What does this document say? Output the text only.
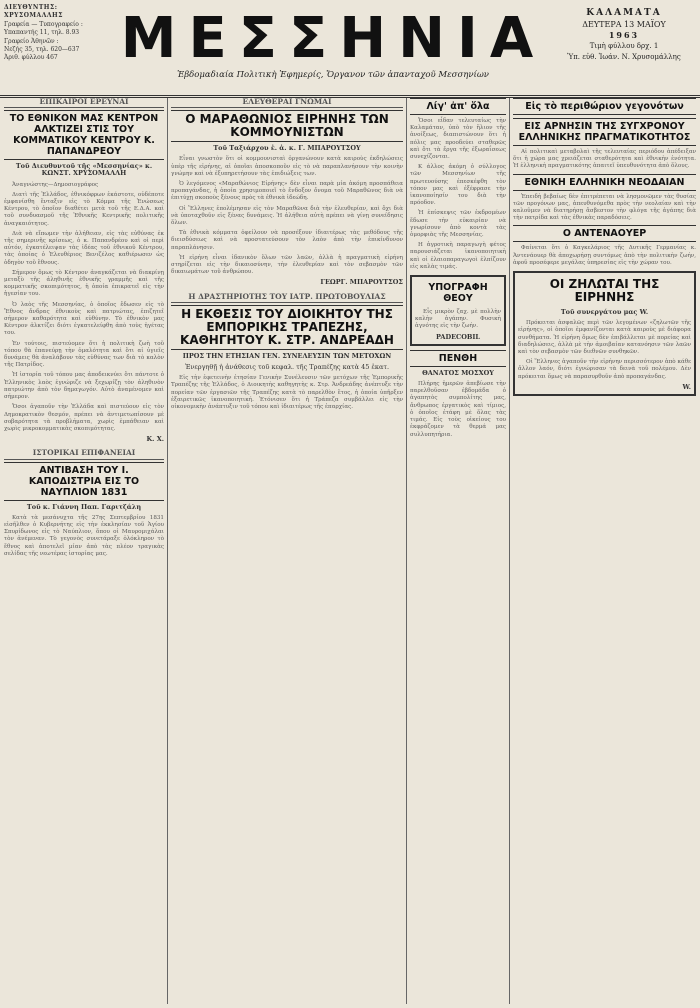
ΔΙΕΥΘΥΝΤΗΣ:
ΧΡΥΣΟΜΑΛΛΗΣ
Γραφεία — Τυπογραφείο :
Υπαπαντής 11, τηλ. 8.93
Γραφείο Ἀθηνῶν :
Νεζής 35, τηλ. 620—637
Ἀριθ. φύλλου 467	ΜΕΣΣΗΝΙΑ
Ἑβδομαδιαία Πολιτικὴ Ἐφημερίς, Ὄργανον τῶν ἀπανταχοῦ Μεσσηνίων
ΚΑΛΑΜΑΤΑ
ΔΕΥΤΕΡΑ 13 ΜΑΪΟΥ
1963
Τιμὴ φύλλου δρχ. 1
Ὑπ. εὐθ. Ἰωάν. Ν. Χρυσομάλλης
ΕΠΙΚΑΙΡΟΙ ΕΡΕΥΝΑΙ
ΤΟ ΕΘΝΙΚΟΝ ΜΑΣ ΚΕΝΤΡΟΝ ΑΛΚΤΙΖΕΙ ΣΤΙΣ ΤΟΥ ΚΟΜΜΑΤΙΚΟΥ ΚΕΝΤΡΟΥ Κ. ΠΑΠΑΝΔΡΕΟΥ
Τοῦ Διευθυντοῦ τῆς «Μεσσηνίας» κ. ΚΩΝΣΤ. ΧΡΥΣΟΜΑΛΛΗ

Ἀναγνώστης—Δημοσιογράφος

Διατὶ τῆς Ἑλλάδος, ἐθνικόφρων ἐκάστοτε, οὐδέποτε ἐμφανίσθη ἔνταξιν εἰς τὸ Κόμμα τῆς Ἑνώσεως Κέντρου, τὸ ὁποῖον διαθέτει μετὰ τοῦ τῆς Ε.Δ.Α. καὶ τοῦ συνδυασμοῦ τῆς Ἐθνικῆς Κεντρικῆς πολιτικῆς ἀναγκαιότητος.

Διὰ νὰ εἴπωμεν τὴν ἀλήθειαν, εἰς τὰς εὐθύνας ἐκ τῆς σημερινῆς κρίσεως, ὁ κ. Παπανδρέου καὶ οἱ περὶ αὐτόν, ἐγκατέλειψαν τὰς ἰδέας τοῦ ἐθνικοῦ Κέντρου, τὰς ὁποίας ὁ Ἐλευθέριος Βενιζέλος καθιέρωσεν ὡς ὁδηγὸν τοῦ ἔθνους.

Σήμερον ὅμως τὸ Κέντρον ἀναγκάζεται νὰ διακρίνῃ μεταξὺ τῆς ἀληθινῆς ἐθνικῆς γραμμῆς καὶ τῆς κομματικῆς σκοπιμότητος, ἡ ὁποία ἐπικρατεῖ εἰς τὴν ἡγεσίαν του.

Ὁ λαὸς τῆς Μεσσηνίας, ὁ ὁποῖος ἔδωσεν εἰς τὸ Ἔθνος ἄνδρας ἐθνικοὺς καὶ πατριώτας, ἐπιζητεῖ σήμερον καθαρότητα καὶ εὐθύνην. Τὸ ἐθνικὸν μας Κέντρον ἀλκτίζει διότι ἐγκατελείφθη ἀπὸ τοὺς ἡγέτας του.

Ἐν τούτοις, πιστεύομεν ὅτι ἡ πολιτικὴ ζωὴ τοῦ τόπου θὰ ἐπανεύρῃ τὴν ὁμαλότητα καὶ ὅτι αἱ ὑγιεῖς δυνάμεις θὰ ἀναλάβουν τὰς εὐθύνας των διὰ τὸ καλὸν τῆς Πατρίδος.

Ἡ ἱστορία τοῦ τόπου μας ἀποδεικνύει ὅτι πάντοτε ὁ Ἑλληνικὸς λαὸς ἐγνώριζε νὰ ξεχωρίζῃ τὸν ἀληθινὸν πατριώτην ἀπὸ τὸν δημαγωγόν. Αὐτὸ ἀναμένομεν καὶ σήμερον.

Ὅσοι ἀγαποῦν τὴν Ἑλλάδα καὶ πιστεύουν εἰς τὸν Δημοκρατικὸν θεσμόν, πρέπει νὰ ἀντιμετωπίσουν μὲ σοβαρότητα τὰ προβλήματα, χωρὶς ἐμπάθειαν καὶ χωρὶς μικροκομματικὰς σκοπιμότητας.

Κ. Χ.
ΙΣΤΟΡΙΚΑΙ ΕΠΙΦΑΝΕΙΑΙ
ΑΝΤΙΒΑΣΗ ΤΟΥ Ι. ΚΑΠΟΔΙΣΤΡΙΑ ΕΙΣ ΤΟ ΝΑΥΠΛΙΟΝ 1831
Τοῦ κ. Γιάννη Παπ. Γαριτζάλη

Κατὰ τὰ μεσάνυχτα τῆς 27ης Σεπτεμβρίου 1831 εἰσῆλθεν ὁ Κυβερνήτης εἰς τὴν ἐκκλησίαν τοῦ Ἁγίου Σπυρίδωνος εἰς τὸ Ναύπλιον, ὅπου οἱ Μαυρομιχάλαι τὸν ἀνέμεναν. Τὸ γεγονὸς συνετάραξε ὁλόκληρον τὸ ἔθνος καὶ ἀποτελεῖ μίαν ἀπὸ τὰς πλέον τραγικὰς σελίδας τῆς νεωτέρας ἱστορίας μας.

ΕΛΕΥΘΕΡΑΙ ΓΝΩΜΑΙ
Ο ΜΑΡΑΘΩΝΙΟΣ ΕΙΡΗΝΗΣ ΤΩΝ ΚΟΜΜΟΥΝΙΣΤΩΝ
Τοῦ Ταξιάρχου ἐ. ἀ. κ. Γ. ΜΠΑΡΟΥΤΣΟΥ

Εἶναι γνωστὸν ὅτι οἱ κομμουνισταὶ ὀργανώνουν κατὰ καιροὺς ἐκδηλώσεις ὑπὲρ τῆς εἰρήνης, αἱ ὁποῖαι ἀποσκοποῦν εἰς τὸ νὰ παραπλανήσουν τὴν κοινὴν γνώμην καὶ νὰ ἐξυπηρετήσουν τὰς ἐπιδιώξεις των.

Ὁ λεγόμενος «Μαραθώνιος Εἰρήνης» δὲν εἶναι παρὰ μία ἀκόμη προσπάθεια προπαγάνδας, ἡ ὁποία χρησιμοποιεῖ τὸ ἔνδοξον ὄνομα τοῦ Μαραθῶνος διὰ νὰ ἐπιτύχῃ σκοποὺς ξένους πρὸς τὰ ἐθνικὰ ἰδεώδη.

Οἱ Ἕλληνες ἐπολέμησαν εἰς τὸν Μαραθῶνα διὰ τὴν ἐλευθερίαν, καὶ ὄχι διὰ νὰ ὑποταχθοῦν εἰς ξένας δυνάμεις. Ἡ ἀλήθεια αὐτὴ πρέπει νὰ γίνῃ συνείδησις ὅλων.

Τὰ ἐθνικὰ κόμματα ὀφείλουν νὰ προσέξουν ἰδιαιτέρως τὰς μεθόδους τῆς διεισδύσεως καὶ νὰ προστατεύσουν τὸν λαὸν ἀπὸ τὴν ἐπικίνδυνον παραπλάνησιν.

Ἡ εἰρήνη εἶναι ἰδανικὸν ὅλων τῶν λαῶν, ἀλλὰ ἡ πραγματικὴ εἰρήνη στηρίζεται εἰς τὴν δικαιοσύνην, τὴν ἐλευθερίαν καὶ τὸν σεβασμὸν τῶν δικαιωμάτων τοῦ ἀνθρώπου.

ΓΕΩΡΓ. ΜΠΑΡΟΥΤΣΟΣ
Η ΔΡΑΣΤΗΡΙΟΤΗΣ ΤΟΥ ΙΑΤΡ. ΠΡΩΤΟΒΟΥΛΙΑΣ
Η ΕΚΘΕΣΙΣ ΤΟΥ ΔΙΟΙΚΗΤΟΥ ΤΗΣ ΕΜΠΟΡΙΚΗΣ ΤΡΑΠΕΖΗΣ, ΚΑΘΗΓΗΤΟΥ Κ. ΣΤΡ. ΑΝΔΡΕΑΔΗ
ΠΡΟΣ ΤΗΝ ΕΤΗΣΙΑΝ ΓΕΝ. ΣΥΝΕΛΕΥΣΙΝ ΤΩΝ ΜΕΤΟΧΩΝ
Ἐνεργηθῇ ἡ ἀνάθεσις τοῦ κεφαλ. τῆς Τραπέζης κατὰ 45 ἑκατ.

Εἰς τὴν ἐφετεινὴν ἐτησίαν Γενικὴν Συνέλευσιν τῶν μετόχων τῆς Ἐμπορικῆς Τραπέζης τῆς Ἑλλάδος, ὁ Διοικητὴς καθηγητὴς κ. Στρ. Ἀνδρεάδης ἀνέπτυξε τὴν πορείαν τῶν ἐργασιῶν τῆς Τραπέζης κατὰ τὸ παρελθὸν ἔτος, ἡ ὁποία ὑπῆρξεν ἐξαιρετικῶς ἱκανοποιητική. Ἐτόνισεν ὅτι ἡ Τράπεζα συμβάλλει εἰς τὴν οἰκονομικὴν ἀνάπτυξιν τοῦ τόπου καὶ ἰδιαιτέρως τῆς ἐπαρχίας.

Λίγ' ἀπ' ὅλα

Ὅσοι εἶδαν τελευταίως τὴν Καλαμάταν, ὑπὸ τὸν ἥλιον τῆς ἀνοίξεως, διαπιστώνουν ὅτι ἡ πόλις μας προοδεύει σταθερῶς καὶ ὅτι τὰ ἔργα τῆς ἐξωραΐσεως συνεχίζονται.

Κ άλλος ἀκόμη ὁ σύλλογος τῶν Μεσσηνίων τῆς πρωτευούσης ἐπεσκέφθη τὸν τόπον μας καὶ ἐξέφρασε τὴν ἱκανοποίησίν του διὰ τὴν πρόοδον.

Ἡ ἐπίσκεψις τῶν ἐκδρομέων ἔδωσε τὴν εὐκαιρίαν νὰ γνωρίσουν ἀπὸ κοντὰ τὰς ὀμορφιὰς τῆς Μεσσηνίας.

Η ἀγροτικὴ παραγωγὴ φέτος παρουσιάζεται ἱκανοποιητικὴ καὶ οἱ ἐλαιοπαραγωγοὶ ἐλπίζουν εἰς καλὰς τιμάς.

ΥΠΟΓΡΑΦΗ ΘΕΟΥ

Εἷς μικρὸν ζαχ. μὲ πολλὴν καλὴν ἀγάπην. Φυσικὴ ἁγνότης εἰς τὴν ζωήν.

PADECOBIL
ΠΕΝΘΗ
ΘΑΝΑΤΟΣ ΜΟΣΧΟΥ

Πλήρης ἡμερῶν ἀπεβίωσε τὴν παρελθοῦσαν ἑβδομάδα ὁ ἀγαπητὸς συμπολίτης μας, ἄνθρωπος ἐργατικὸς καὶ τίμιος, ὁ ὁποῖος ἐτάφη μὲ ὅλας τὰς τιμάς. Εἰς τοὺς οἰκείους του ἐκφράζομεν τὰ θερμά μας συλλυπητήρια.

Εἰς τὸ περιθώριον γεγονότων
ΕΙΣ ΑΡΝΗΣΙΝ ΤΗΣ ΣΥΓΧΡΟΝΟΥ ΕΛΛΗΝΙΚΗΣ ΠΡΑΓΜΑΤΙΚΟΤΗΤΟΣ

Αἱ πολιτικαὶ μεταβολαὶ τῆς τελευταίας περιόδου ἀπέδειξαν ὅτι ἡ χώρα μας χρειάζεται σταθερότητα καὶ ἐθνικὴν ἑνότητα. Ἡ ἑλληνικὴ πραγματικότης ἀπαιτεῖ ὑπευθυνότητα ἀπὸ ὅλους.

ΕΘΝΙΚΗ ΕΛΛΗΝΙΚΗ ΝΕΟΔΑΙΑΝ

Ἐπειδὴ βεβαίως δὲν ἐπιτρέπεται νὰ λησμονῶμεν τὰς θυσίας τῶν προγόνων μας, ἀπευθυνόμεθα πρὸς τὴν νεολαίαν καὶ τὴν καλοῦμεν νὰ διατηρήσῃ ἄσβεστον τὴν φλόγα τῆς ἀγάπης διὰ τὴν πατρίδα καὶ τὰς ἐθνικὰς παραδόσεις.

Ο ΑΝΤΕΝΑΟΥΕΡ

Φαίνεται ὅτι ὁ Καγκελάριος τῆς Δυτικῆς Γερμανίας κ. Ἀντενάουερ θὰ ἀποχωρήσῃ συντόμως ἀπὸ τὴν πολιτικὴν ζωήν, ἀφοῦ προσέφερε μεγάλας ὑπηρεσίας εἰς τὴν χώραν του.

ΟΙ ΖΗΛΩΤΑΙ ΤΗΣ ΕΙΡΗΝΗΣ
Τοῦ συνεργάτου μας W.

Πρόκειται ἀσφαλῶς περὶ τῶν λεγομένων «ζηλωτῶν τῆς εἰρήνης», οἱ ὁποῖοι ἐμφανίζονται κατὰ καιροὺς μὲ διάφορα συνθήματα. Ἡ εἰρήνη ὅμως δὲν ἐπιβάλλεται μὲ πορείας καὶ διαδηλώσεις, ἀλλὰ μὲ τὴν ἀμοιβαίαν κατανόησιν τῶν λαῶν καὶ τὸν σεβασμὸν τῶν διεθνῶν συνθηκῶν.

Οἱ Ἕλληνες ἀγαποῦν τὴν εἰρήνην περισσότερον ἀπὸ κάθε ἄλλον λαόν, διότι ἐγνώρισαν τὰ δεινὰ τοῦ πολέμου. Δὲν πρόκειται ὅμως νὰ παρασυρθοῦν ἀπὸ προπαγάνδας.

W.
